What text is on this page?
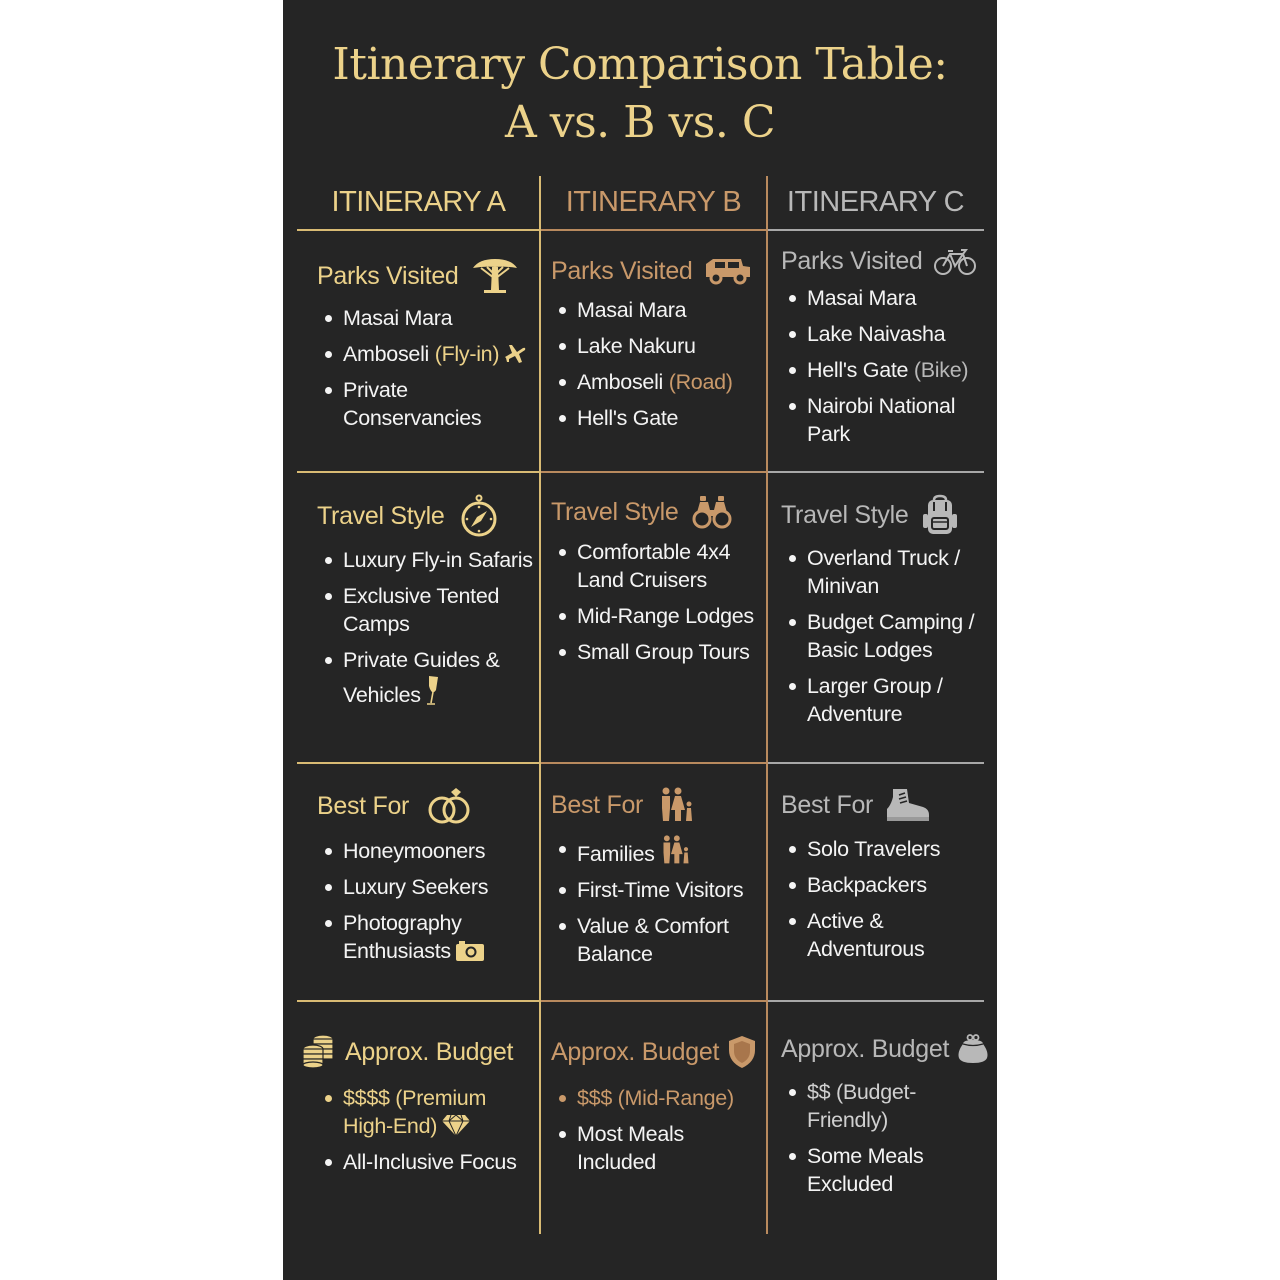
Itinerary Comparison Table:
A vs. B vs. C
ITINERARY A	ITINERARY B	ITINERARY C
Parks Visited
Masai Mara
Amboseli (Fly-in)
Private Conservancies
Parks Visited
Masai Mara
Lake Nakuru
Amboseli (Road)
Hell's Gate
Parks Visited
Masai Mara
Lake Naivasha
Hell's Gate (Bike)
Nairobi National Park
Travel Style
Luxury Fly-in Safaris
Exclusive Tented Camps
Private Guides & Vehicles
Travel Style
Comfortable 4x4 Land Cruisers
Mid-Range Lodges
Small Group Tours
Travel Style
Overland Truck / Minivan
Budget Camping / Basic Lodges
Larger Group / Adventure
Best For
Honeymooners
Luxury Seekers
Photography Enthusiasts
Best For
Families
First-Time Visitors
Value & Comfort Balance
Best For
Solo Travelers
Backpackers
Active & Adventurous
Approx. Budget
$$$$ (Premium High-End)
All-Inclusive Focus
Approx. Budget
$$$ (Mid-Range)
Most Meals Included
Approx. Budget
$$ (Budget-Friendly)
Some Meals Excluded
